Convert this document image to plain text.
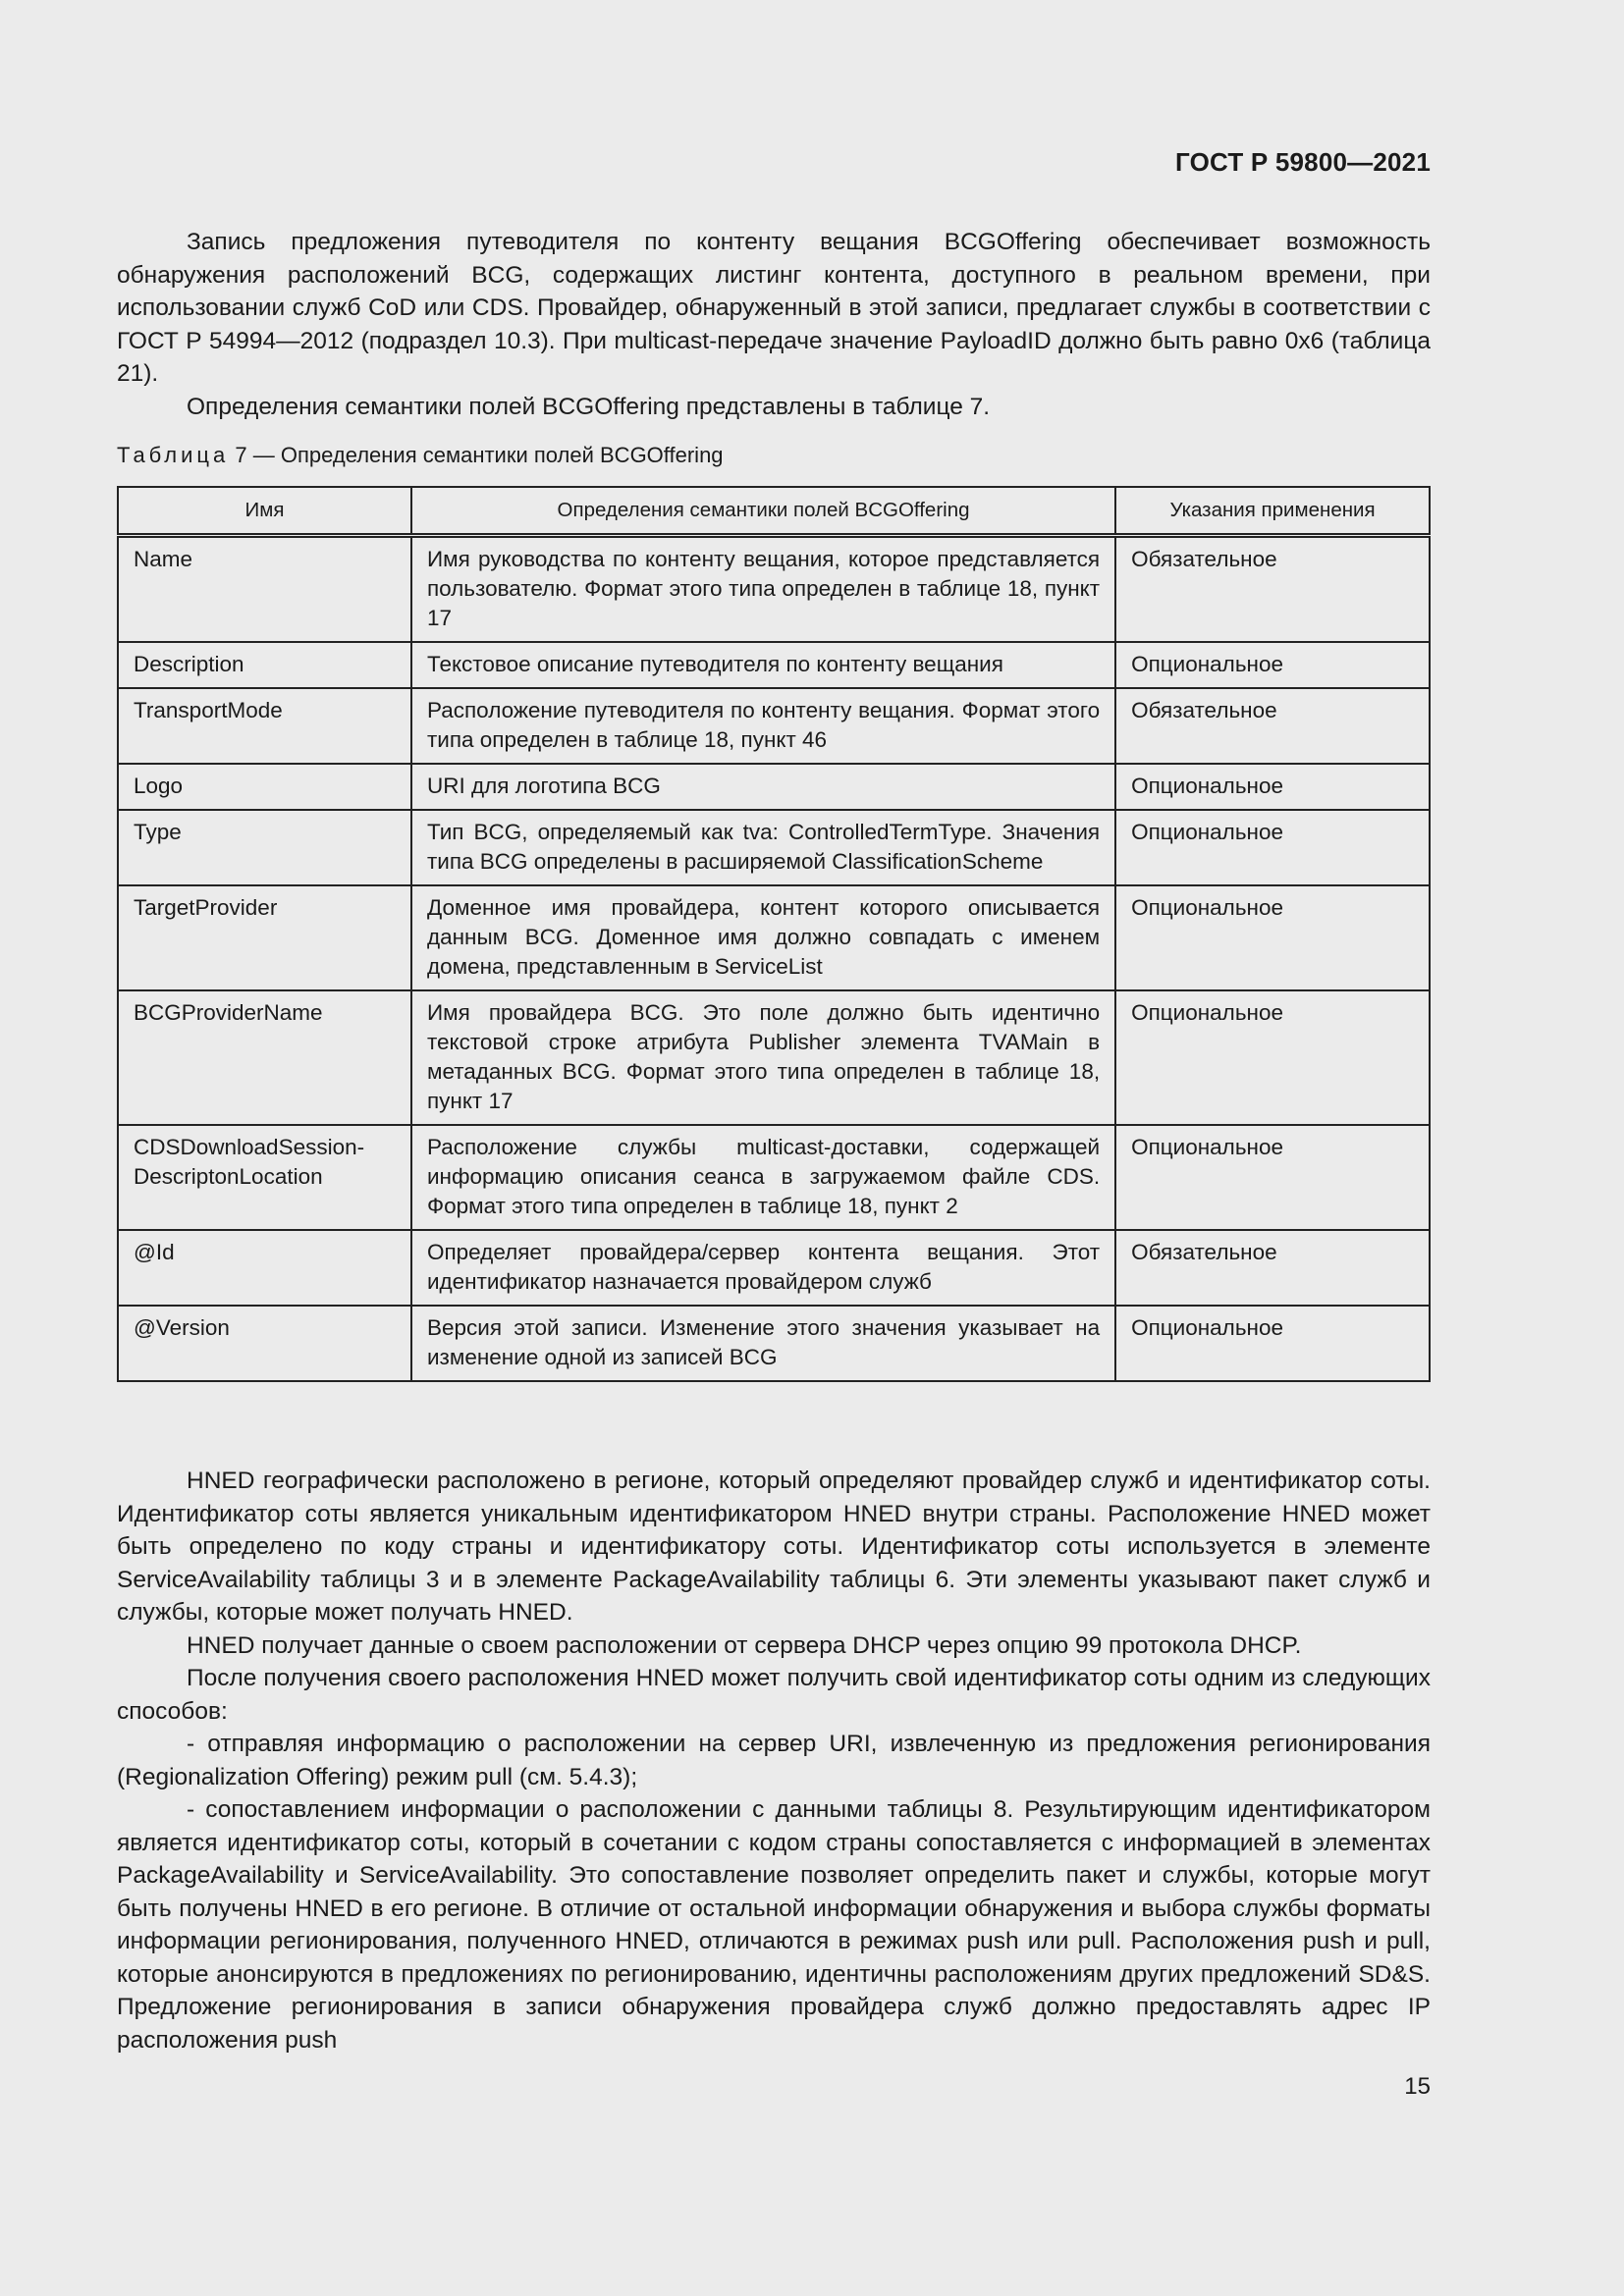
ГОСТ Р 59800—2021

Запись предложения путеводителя по контенту вещания BCGOffering обеспечивает возможность обнаружения расположений BCG, содержащих листинг контента, доступного в реальном времени, при использовании служб CoD или CDS. Провайдер, обнаруженный в этой записи, предлагает службы в соответствии с ГОСТ Р 54994—2012 (подраздел 10.3). При multicast-передаче значение PayloadID должно быть равно 0x6 (таблица 21).

Определения семантики полей BCGOffering представлены в таблице 7.

Таблица 7 — Определения семантики полей BCGOffering
Имя	Определения семантики полей BCGOffering	Указания применения
Name	Имя руководства по контенту вещания, которое представляется пользователю. Формат этого типа определен в таблице 18, пункт 17	Обязательное
Description	Текстовое описание путеводителя по контенту вещания	Опциональное
TransportMode	Расположение путеводителя по контенту вещания. Формат этого типа определен в таблице 18, пункт 46	Обязательное
Logo	URI для логотипа BCG	Опциональное
Type	Тип BCG, определяемый как tva: ControlledTermType. Значения типа BCG определены в расширяемой ClassificationScheme	Опциональное
TargetProvider	Доменное имя провайдера, контент которого описывается данным BCG. Доменное имя должно совпадать с именем домена, представленным в ServiceList	Опциональное
BCGProviderName	Имя провайдера BCG. Это поле должно быть идентично текстовой строке атрибута Publisher элемента TVAMain в метаданных BCG. Формат этого типа определен в таблице 18, пункт 17	Опциональное
CDSDownloadSession-DescriptonLocation	Расположение службы multicast-доставки, содержащей информацию описания сеанса в загружаемом файле CDS. Формат этого типа определен в таблице 18, пункт 2	Опциональное
@Id	Определяет провайдера/сервер контента вещания. Этот идентификатор назначается провайдером служб	Обязательное
@Version	Версия этой записи. Изменение этого значения указывает на изменение одной из записей BCG	Опциональное

HNED географически расположено в регионе, который определяют провайдер служб и идентификатор соты. Идентификатор соты является уникальным идентификатором HNED внутри страны. Расположение HNED может быть определено по коду страны и идентификатору соты. Идентификатор соты используется в элементе ServiceAvailability таблицы 3 и в элементе PackageAvailability таблицы 6. Эти элементы указывают пакет служб и службы, которые может получать HNED.

HNED получает данные о своем расположении от сервера DHCP через опцию 99 протокола DHCP.

После получения своего расположения HNED может получить свой идентификатор соты одним из следующих способов:

- отправляя информацию о расположении на сервер URI, извлеченную из предложения регионирования (Regionalization Offering) режим pull (см. 5.4.3);

- сопоставлением информации о расположении с данными таблицы 8. Результирующим идентификатором является идентификатор соты, который в сочетании с кодом страны сопоставляется с информацией в элементах PackageAvailability и ServiceAvailability. Это сопоставление позволяет определить пакет и службы, которые могут быть получены HNED в его регионе. В отличие от остальной информации обнаружения и выбора службы форматы информации регионирования, полученного HNED, отличаются в режимах push или pull. Расположения push и pull, которые анонсируются в предложениях по регионированию, идентичны расположениям других предложений SD&S. Предложение регионирования в записи обнаружения провайдера служб должно предоставлять адрес IP расположения push

15
